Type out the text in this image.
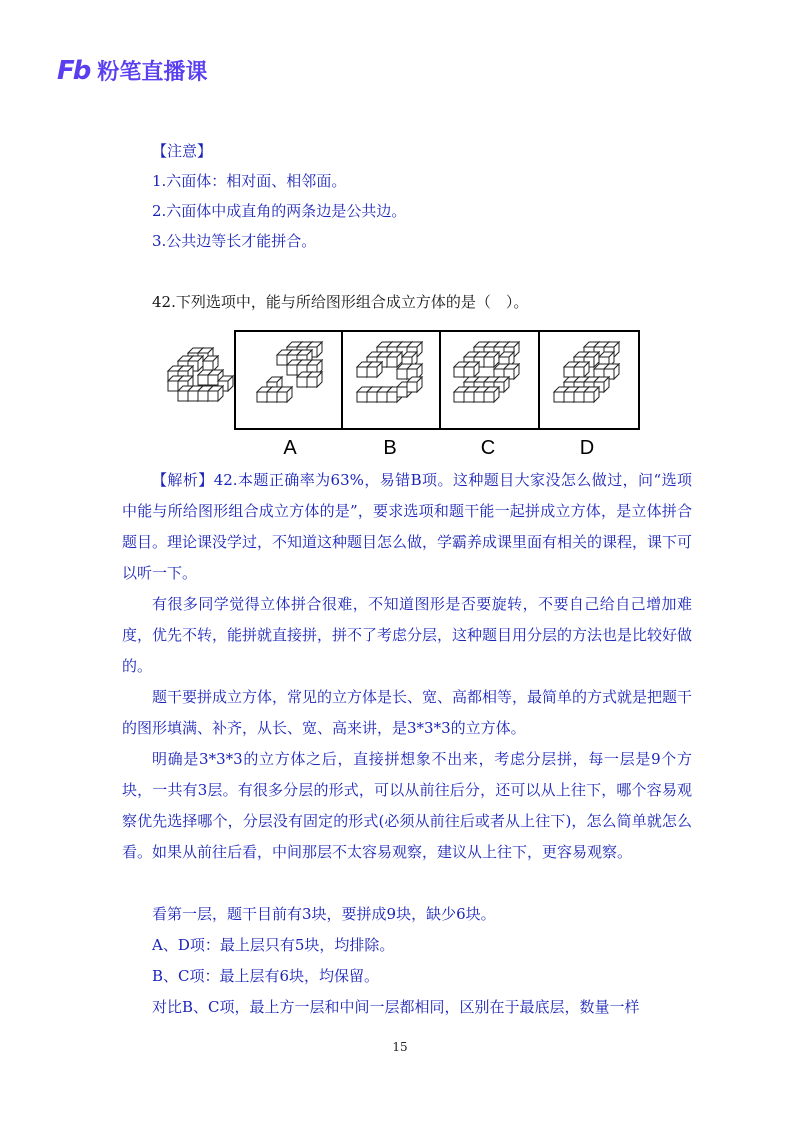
Fb 粉笔直播课
【注意】
1.六面体：相对面、相邻面。
2.六面体中成直角的两条边是公共边。
3.公共边等长才能拼合。
42.下列选项中，能与所给图形组合成立方体的是（　）。
A	B	C	D
【解析】42.本题正确率为63%，易错B项。这种题目大家没怎么做过，问“选项中能与所给图形组合成立方体的是”，要求选项和题干能一起拼成立方体，是立体拼合题目。理论课没学过，不知道这种题目怎么做，学霸养成课里面有相关的课程，课下可以听一下。
有很多同学觉得立体拼合很难，不知道图形是否要旋转，不要自己给自己增加难度，优先不转，能拼就直接拼，拼不了考虑分层，这种题目用分层的方法也是比较好做的。
题干要拼成立方体，常见的立方体是长、宽、高都相等，最简单的方式就是把题干的图形填满、补齐，从长、宽、高来讲，是3*3*3的立方体。
明确是3*3*3的立方体之后，直接拼想象不出来，考虑分层拼，每一层是9个方块，一共有3层。有很多分层的形式，可以从前往后分，还可以从上往下，哪个容易观察优先选择哪个，分层没有固定的形式(必须从前往后或者从上往下)，怎么简单就怎么看。如果从前往后看，中间那层不太容易观察，建议从上往下，更容易观察。
看第一层，题干目前有3块，要拼成9块，缺少6块。
A、D项：最上层只有5块，均排除。
B、C项：最上层有6块，均保留。
对比B、C项，最上方一层和中间一层都相同，区别在于最底层，数量一样
15
